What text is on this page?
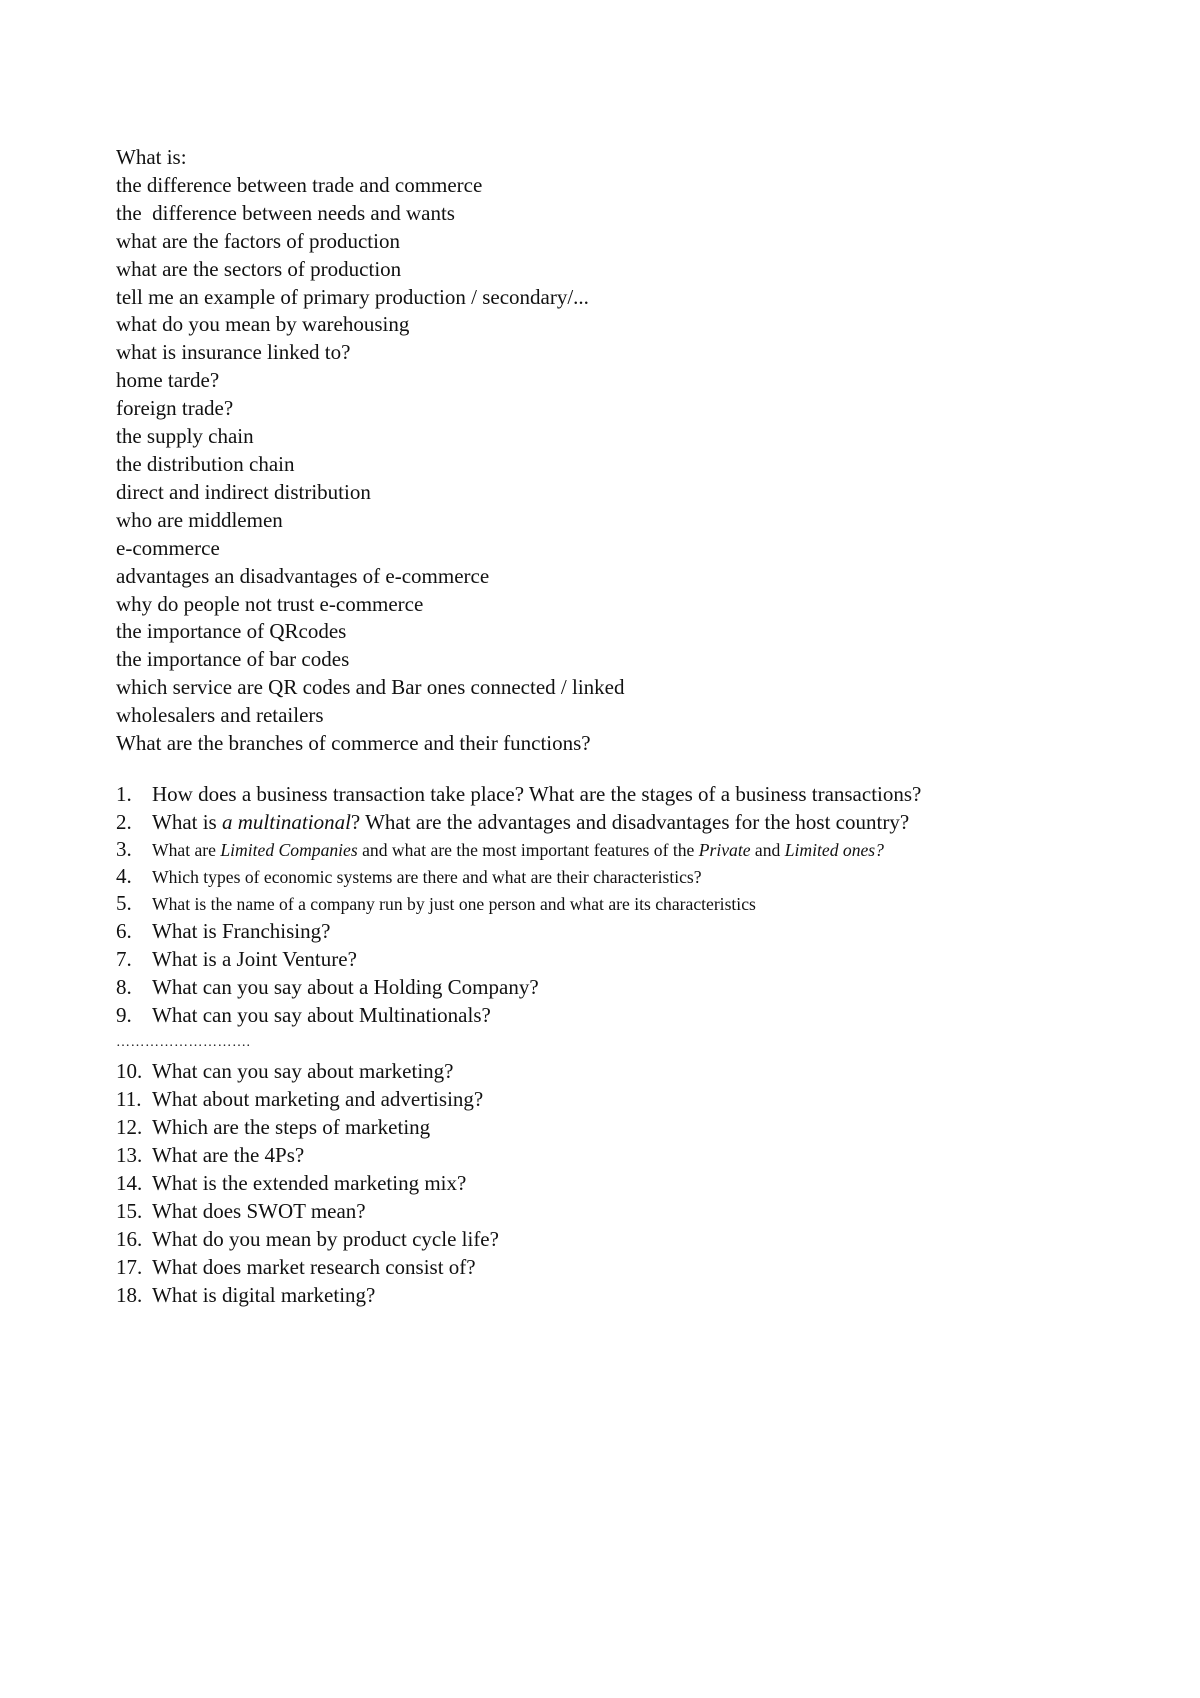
What is:

the difference between trade and commerce

the  difference between needs and wants

what are the factors of production

what are the sectors of production

tell me an example of primary production / secondary/...

what do you mean by warehousing

what is insurance linked to?

home tarde?

foreign trade?

the supply chain

the distribution chain

direct and indirect distribution

who are middlemen

e-commerce

advantages an disadvantages of e-commerce

why do people not trust e-commerce

the importance of QRcodes

the importance of bar codes

which service are QR codes and Bar ones connected / linked

wholesalers and retailers

What are the branches of commerce and their functions?

1. How does a business transaction take place? What are the stages of a business transactions?
2. What is a multinational? What are the advantages and disadvantages for the host country?
3.	What are Limited Companies and what are the most important features of the Private and Limited ones?
4.	Which types of economic systems are there and what are their characteristics?
5.	What is the name of a company run by just one person and what are its characteristics
6. What is Franchising?
7. What is a Joint Venture?
8. What can you say about a Holding Company?
9. What can you say about Multinationals?
……………………….
10. What can you say about marketing?
11. What about marketing and advertising?
12. Which are the steps of marketing
13. What are the 4Ps?
14. What is the extended marketing mix?
15. What does SWOT mean?
16. What do you mean by product cycle life?
17. What does market research consist of?
18. What is digital marketing?
